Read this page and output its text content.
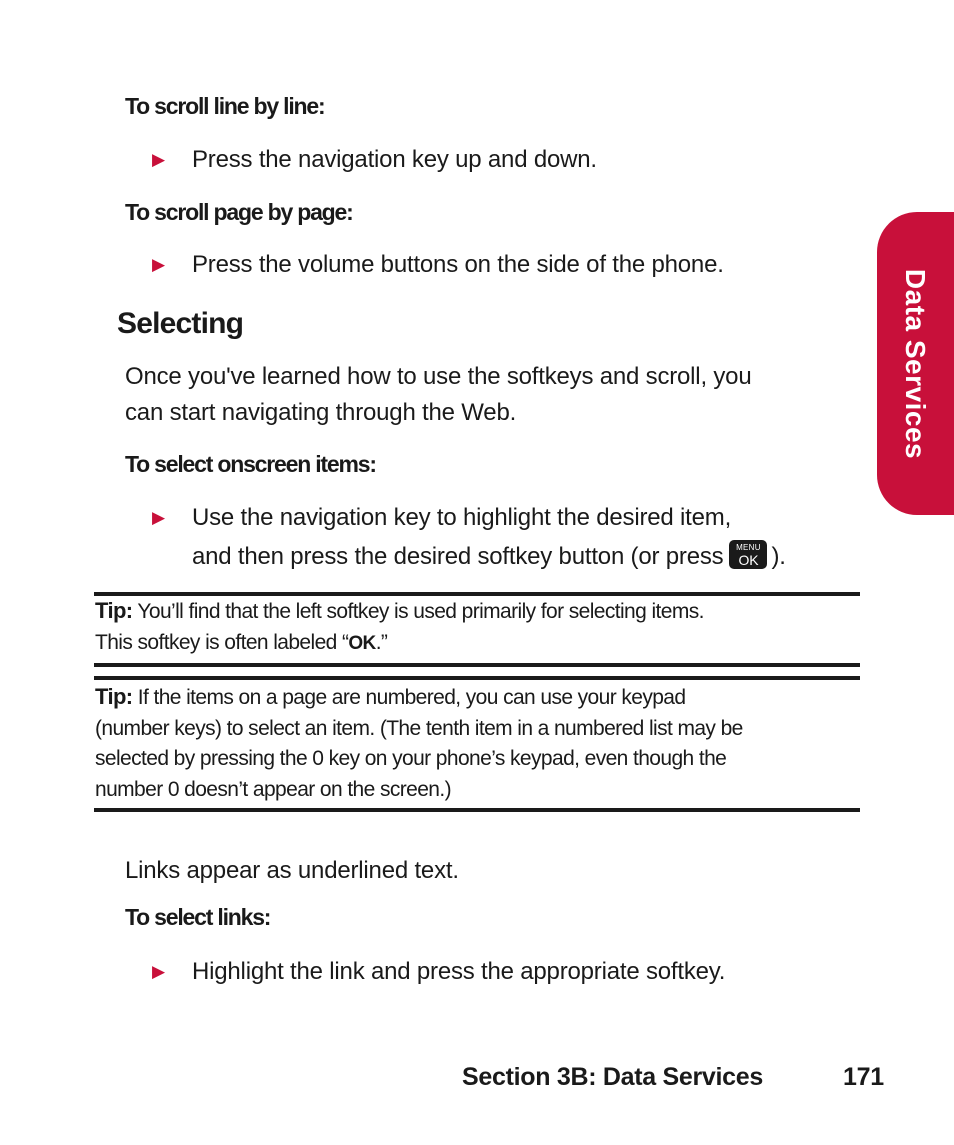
Data Services
To scroll line by line:
▶	Press the navigation key up and down.
To scroll page by page:
▶	Press the volume buttons on the side of the phone.
Selecting
Once you've learned how to use the softkeys and scroll, you
can start navigating through the Web.
To select onscreen items:
▶	Use the navigation key to highlight the desired item,
and then press the desired softkey button (or press	MENU
OK ).
Tip: You’ll find that the left softkey is used primarily for selecting items.
This softkey is often labeled “OK.”
Tip: If the items on a page are numbered, you can use your keypad
(number keys) to select an item. (The tenth item in a numbered list may be
selected by pressing the 0 key on your phone’s keypad, even though the
number 0 doesn’t appear on the screen.)
Links appear as underlined text.
To select links:
▶	Highlight the link and press the appropriate softkey.
Section 3B: Data Services	171
